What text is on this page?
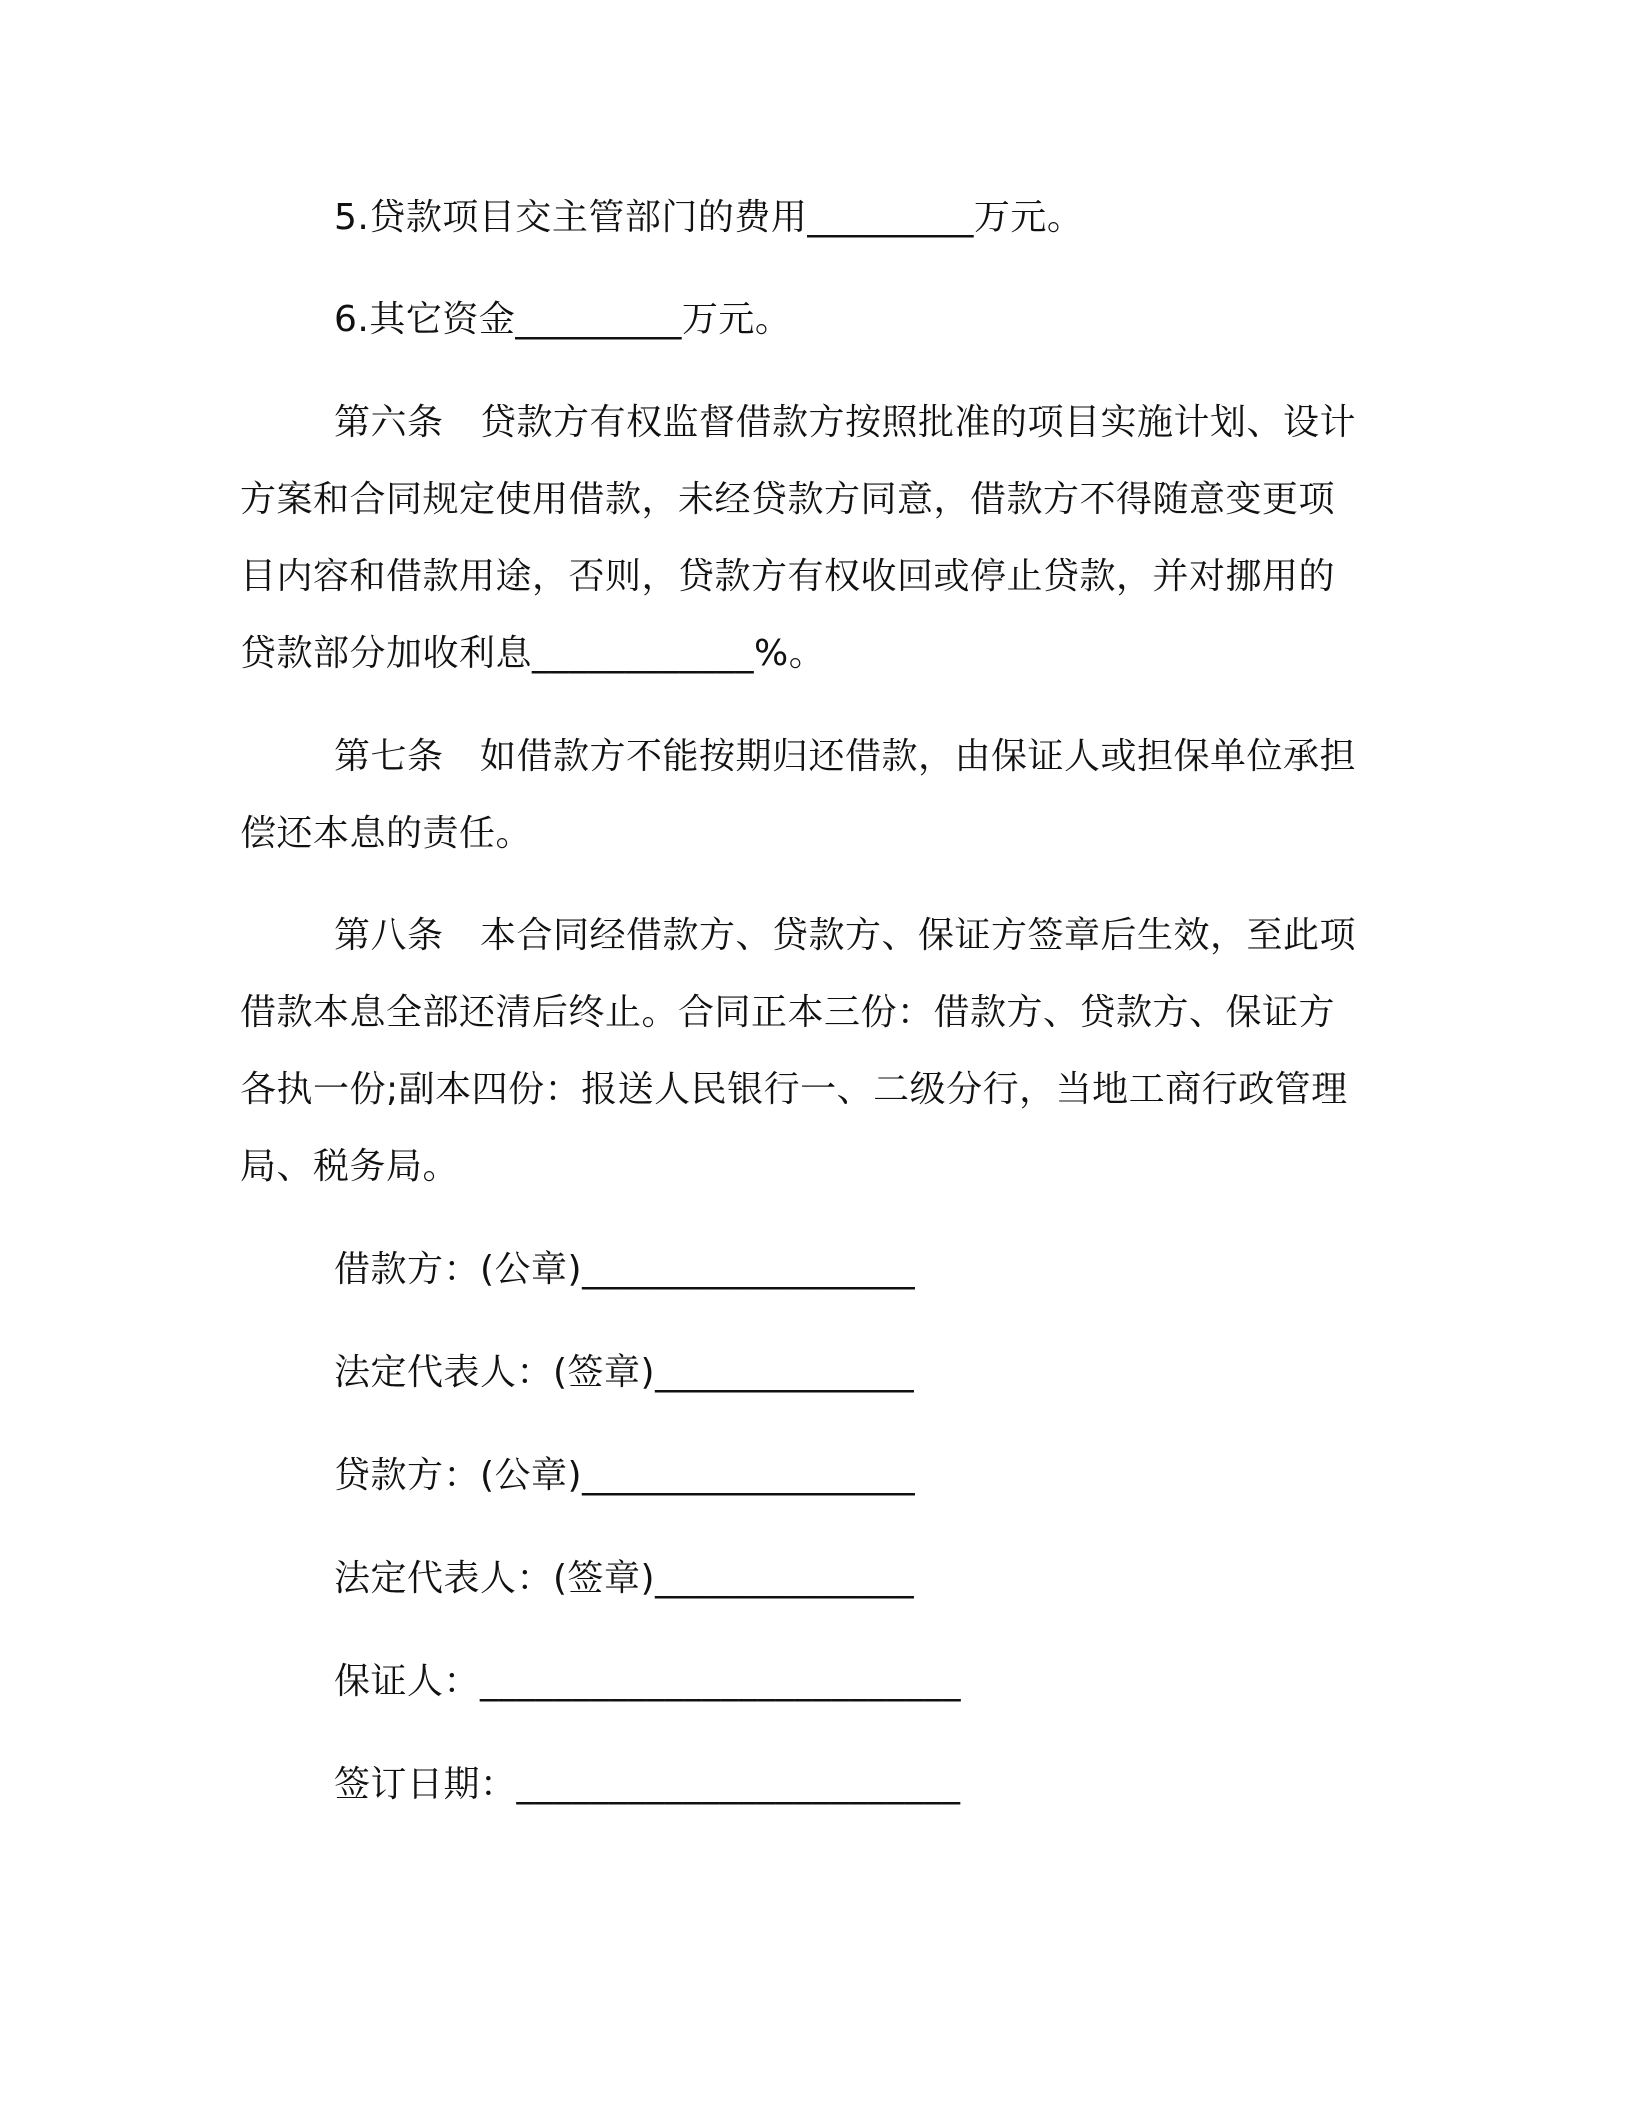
5.贷款项目交主管部门的费用_________万元。
6.其它资金_________万元。
第六条　贷款方有权监督借款方按照批准的项目实施计划、设计
方案和合同规定使用借款，未经贷款方同意，借款方不得随意变更项
目内容和借款用途，否则，贷款方有权收回或停止贷款，并对挪用的
贷款部分加收利息____________%。
第七条　如借款方不能按期归还借款，由保证人或担保单位承担
偿还本息的责任。
第八条　本合同经借款方、贷款方、保证方签章后生效，至此项
借款本息全部还清后终止。合同正本三份：借款方、贷款方、保证方
各执一份;副本四份：报送人民银行一、二级分行，当地工商行政管理
局、税务局。
借款方：(公章)__________________
法定代表人：(签章)______________
贷款方：(公章)__________________
法定代表人：(签章)______________
保证人：__________________________
签订日期：________________________
